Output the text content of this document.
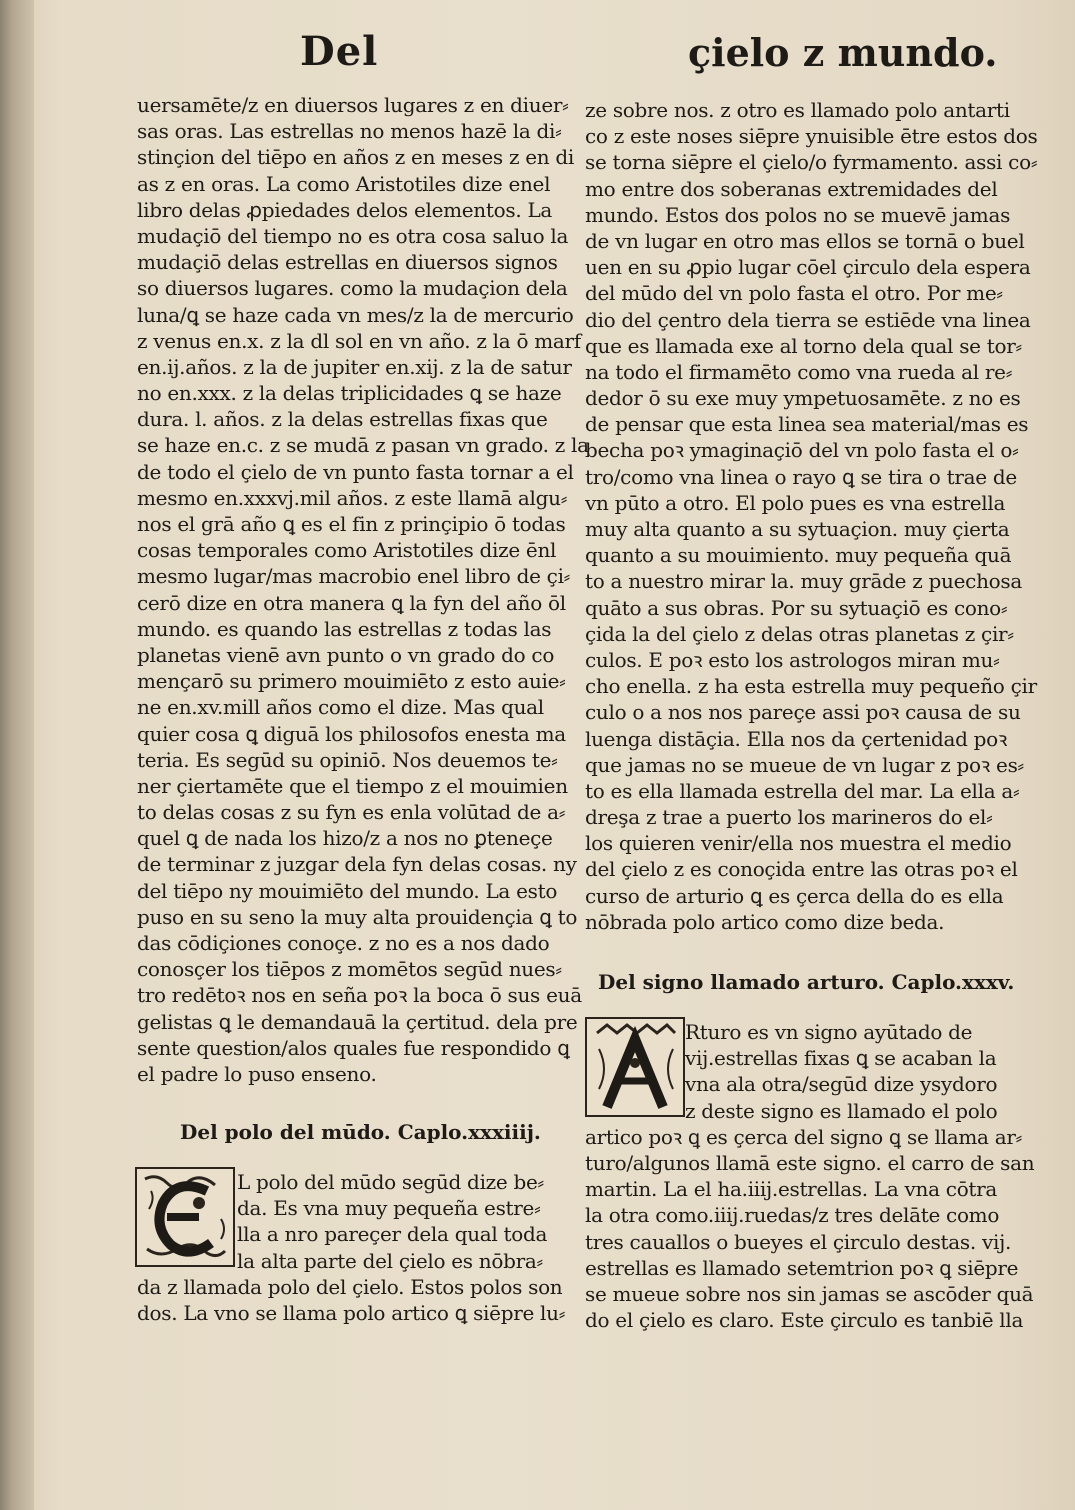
Del	çielo z mundo.
uersamēte/z en diuersos lugares z en diuer⸗
sas oras. Las estrellas no menos hazē la di⸗
stinçion del tiēpo en años z en meses z en di
as z en oras. La como Aristotiles dize enel
libro delas ꝓpiedades delos elementos. La
mudaçiō del tiempo no es otra cosa saluo la
mudaçiō delas estrellas en diuersos signos
so diuersos lugares. como la mudaçion dela
luna/ꝗ se haze cada vn mes/z la de mercurio
z venus en.x. z la dl sol en vn año. z la ō marf
en.ij.años. z la de jupiter en.xij. z la de satur
no en.xxx. z la delas triplicidades ꝗ se haze
dura. l. años. z la delas estrellas fixas que
se haze en.c. z se mudā z pasan vn grado. z la
de todo el çielo de vn punto fasta tornar a el
mesmo en.xxxvj.mil años. z este llamā algu⸗
nos el grā año ꝗ es el fin z prinçipio ō todas
cosas temporales como Aristotiles dize ēnl
mesmo lugar/mas macrobio enel libro de çi⸗
cerō dize en otra manera ꝗ la fyn del año ōl
mundo. es quando las estrellas z todas las
planetas vienē avn punto o vn grado do co
mençarō su primero mouimiēto z esto auie⸗
ne en.xv.mill años como el dize. Mas qual
quier cosa ꝗ diguā los philosofos enesta ma
teria. Es segūd su opiniō. Nos deuemos te⸗
ner çiertamēte que el tiempo z el mouimien
to delas cosas z su fyn es enla volūtad de a⸗
quel ꝗ de nada los hizo/z a nos no ꝑteneçe
de terminar z juzgar dela fyn delas cosas. ny
del tiēpo ny mouimiēto del mundo. La esto
puso en su seno la muy alta prouidençia ꝗ to
das cōdiçiones conoçe. z no es a nos dado
conosçer los tiēpos z momētos segūd nues⸗
tro redētoꝛ nos en seña poꝛ la boca ō sus euā
gelistas ꝗ le demandauā la çertitud. dela pre
sente question/alos quales fue respondido ꝗ
el padre lo puso enseno.
Del polo del mūdo. Caplo.xxxiiij.
L polo del mūdo segūd dize be⸗
da. Es vna muy pequeña estre⸗
lla a nro pareçer dela qual toda
la alta parte del çielo es nōbra⸗
da z llamada polo del çielo. Estos polos son
dos. La vno se llama polo artico ꝗ siēpre lu⸗
ze sobre nos. z otro es llamado polo antarti
co z este noses siēpre ynuisible ētre estos dos
se torna siēpre el çielo/o fyrmamento. assi co⸗
mo entre dos soberanas extremidades del
mundo. Estos dos polos no se muevē jamas
de vn lugar en otro mas ellos se tornā o buel
uen en su ꝓpio lugar cōel çirculo dela espera
del mūdo del vn polo fasta el otro. Por me⸗
dio del çentro dela tierra se estiēde vna linea
que es llamada exe al torno dela qual se tor⸗
na todo el firmamēto como vna rueda al re⸗
dedor ō su exe muy ympetuosamēte. z no es
de pensar que esta linea sea material/mas es
becha poꝛ ymaginaçiō del vn polo fasta el o⸗
tro/como vna linea o rayo ꝗ se tira o trae de
vn pūto a otro. El polo pues es vna estrella
muy alta quanto a su sytuaçion. muy çierta
quanto a su mouimiento. muy pequeña quā
to a nuestro mirar la. muy grāde z puechosa
quāto a sus obras. Por su sytuaçiō es cono⸗
çida la del çielo z delas otras planetas z çir⸗
culos. E poꝛ esto los astrologos miran mu⸗
cho enella. z ha esta estrella muy pequeño çir
culo o a nos nos pareçe assi poꝛ causa de su
luenga distāçia. Ella nos da çertenidad poꝛ
que jamas no se mueue de vn lugar z poꝛ es⸗
to es ella llamada estrella del mar. La ella a⸗
dreşa z trae a puerto los marineros do el⸗
los quieren venir/ella nos muestra el medio
del çielo z es conoçida entre las otras poꝛ el
curso de arturio ꝗ es çerca della do es ella
nōbrada polo artico como dize beda.
Del signo llamado arturo. Caplo.xxxv.
Rturo es vn signo ayūtado de
vij.estrellas fixas ꝗ se acaban la
vna ala otra/segūd dize ysydoro
z deste signo es llamado el polo
artico poꝛ ꝗ es çerca del signo ꝗ se llama ar⸗
turo/algunos llamā este signo. el carro de san
martin. La el ha.iiij.estrellas. La vna cōtra
la otra como.iiij.ruedas/z tres delāte como
tres cauallos o bueyes el çirculo destas. vij.
estrellas es llamado setemtrion poꝛ ꝗ siēpre
se mueue sobre nos sin jamas se ascōder quā
do el çielo es claro. Este çirculo es tanbiē lla
